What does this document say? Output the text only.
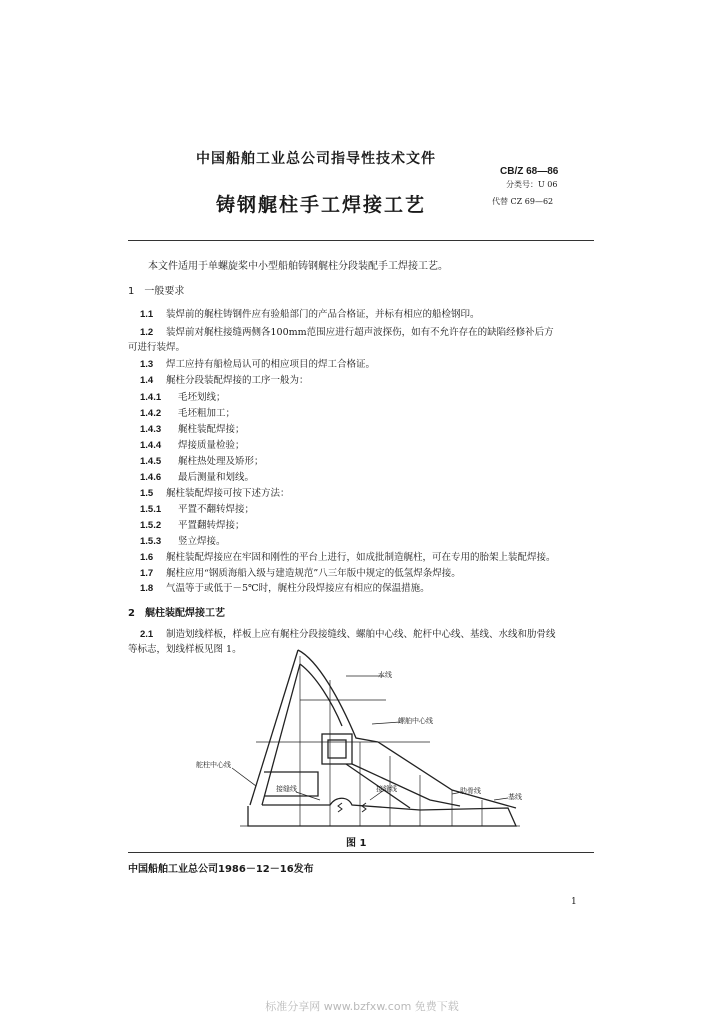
中国船舶工业总公司指导性技术文件
CB/Z 68—86
分类号：U 06
铸钢艉柱手工焊接工艺	代替 CZ 69—62
本文件适用于单螺旋桨中小型船舶铸钢艉柱分段装配手工焊接工艺。
1　一般要求
1.1 装焊前的艉柱铸钢件应有验船部门的产品合格证，并标有相应的船检钢印。
1.2 装焊前对艉柱接缝两侧各100mm范围应进行超声波探伤，如有不允许存在的缺陷经修补后方
可进行装焊。
1.3 焊工应持有船检局认可的相应项目的焊工合格证。
1.4 艉柱分段装配焊接的工序一般为：
1.4.1 毛坯划线；
1.4.2 毛坯粗加工；
1.4.3 艉柱装配焊接；
1.4.4 焊接质量检验；
1.4.5 艉柱热处理及矫形；
1.4.6 最后测量和划线。
1.5 艉柱装配焊接可按下述方法：
1.5.1 平置不翻转焊接；
1.5.2 平置翻转焊接；
1.5.3 竖立焊接。
1.6 艉柱装配焊接应在牢固和刚性的平台上进行，如成批制造艉柱，可在专用的胎架上装配焊接。
1.7 艉柱应用“钢质海船入级与建造规范”八三年版中规定的低氢焊条焊接。
1.8 气温等于或低于－5℃时，艉柱分段焊接应有相应的保温措施。
2　艉柱装配焊接工艺
2.1 制造划线样板，样板上应有艉柱分段接缝线、螺舶中心线、舵杆中心线、基线、水线和肋骨线
等标志，划线样板见图 1。
水线
螺舶中心线
舵柱中心线
接缝线	接缝线	肋骨线
基线
图 1
中国船舶工业总公司1986－12－16发布
1
标准分享网 www.bzfxw.com 免费下载
